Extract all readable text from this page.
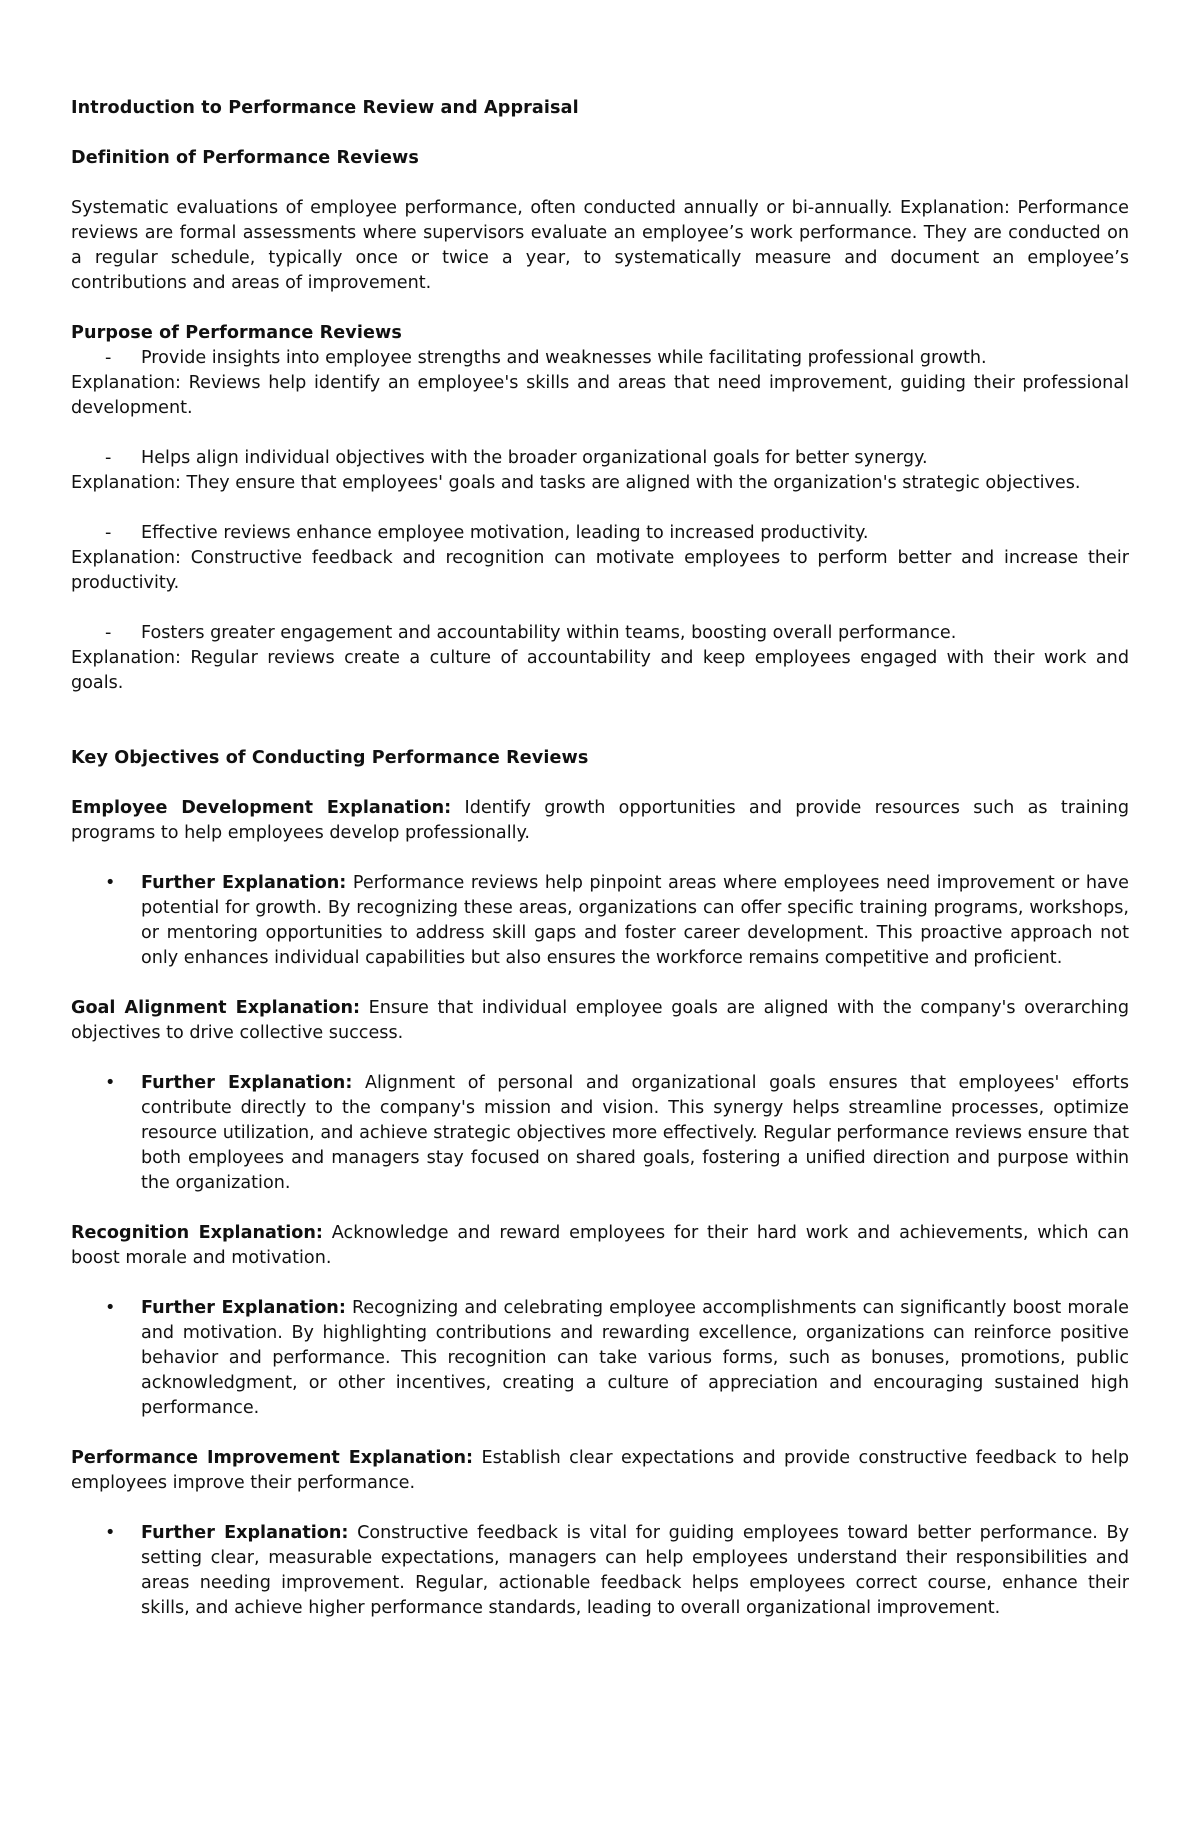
Introduction to Performance Review and Appraisal

Definition of Performance Reviews

Systematic evaluations of employee performance, often conducted annually or bi-annually. Explanation: Performance reviews are formal assessments where supervisors evaluate an employee’s work performance. They are conducted on a regular schedule, typically once or twice a year, to systematically measure and document an employee’s contributions and areas of improvement.

Purpose of Performance Reviews

- Provide insights into employee strengths and weaknesses while facilitating professional growth.

Explanation: Reviews help identify an employee's skills and areas that need improvement, guiding their professional development.

- Helps align individual objectives with the broader organizational goals for better synergy.

Explanation: They ensure that employees' goals and tasks are aligned with the organization's strategic objectives.

- Effective reviews enhance employee motivation, leading to increased productivity.

Explanation: Constructive feedback and recognition can motivate employees to perform better and increase their productivity.

- Fosters greater engagement and accountability within teams, boosting overall performance.

Explanation: Regular reviews create a culture of accountability and keep employees engaged with their work and goals.

Key Objectives of Conducting Performance Reviews

Employee Development Explanation: Identify growth opportunities and provide resources such as training programs to help employees develop professionally.

• Further Explanation: Performance reviews help pinpoint areas where employees need improvement or have potential for growth. By recognizing these areas, organizations can offer specific training programs, workshops, or mentoring opportunities to address skill gaps and foster career development. This proactive approach not only enhances individual capabilities but also ensures the workforce remains competitive and proficient.

Goal Alignment Explanation: Ensure that individual employee goals are aligned with the company's overarching objectives to drive collective success.

• Further Explanation: Alignment of personal and organizational goals ensures that employees' efforts contribute directly to the company's mission and vision. This synergy helps streamline processes, optimize resource utilization, and achieve strategic objectives more effectively. Regular performance reviews ensure that both employees and managers stay focused on shared goals, fostering a unified direction and purpose within the organization.

Recognition Explanation: Acknowledge and reward employees for their hard work and achievements, which can boost morale and motivation.

• Further Explanation: Recognizing and celebrating employee accomplishments can significantly boost morale and motivation. By highlighting contributions and rewarding excellence, organizations can reinforce positive behavior and performance. This recognition can take various forms, such as bonuses, promotions, public acknowledgment, or other incentives, creating a culture of appreciation and encouraging sustained high performance.

Performance Improvement Explanation: Establish clear expectations and provide constructive feedback to help employees improve their performance.

• Further Explanation: Constructive feedback is vital for guiding employees toward better performance. By setting clear, measurable expectations, managers can help employees understand their responsibilities and areas needing improvement. Regular, actionable feedback helps employees correct course, enhance their skills, and achieve higher performance standards, leading to overall organizational improvement.
